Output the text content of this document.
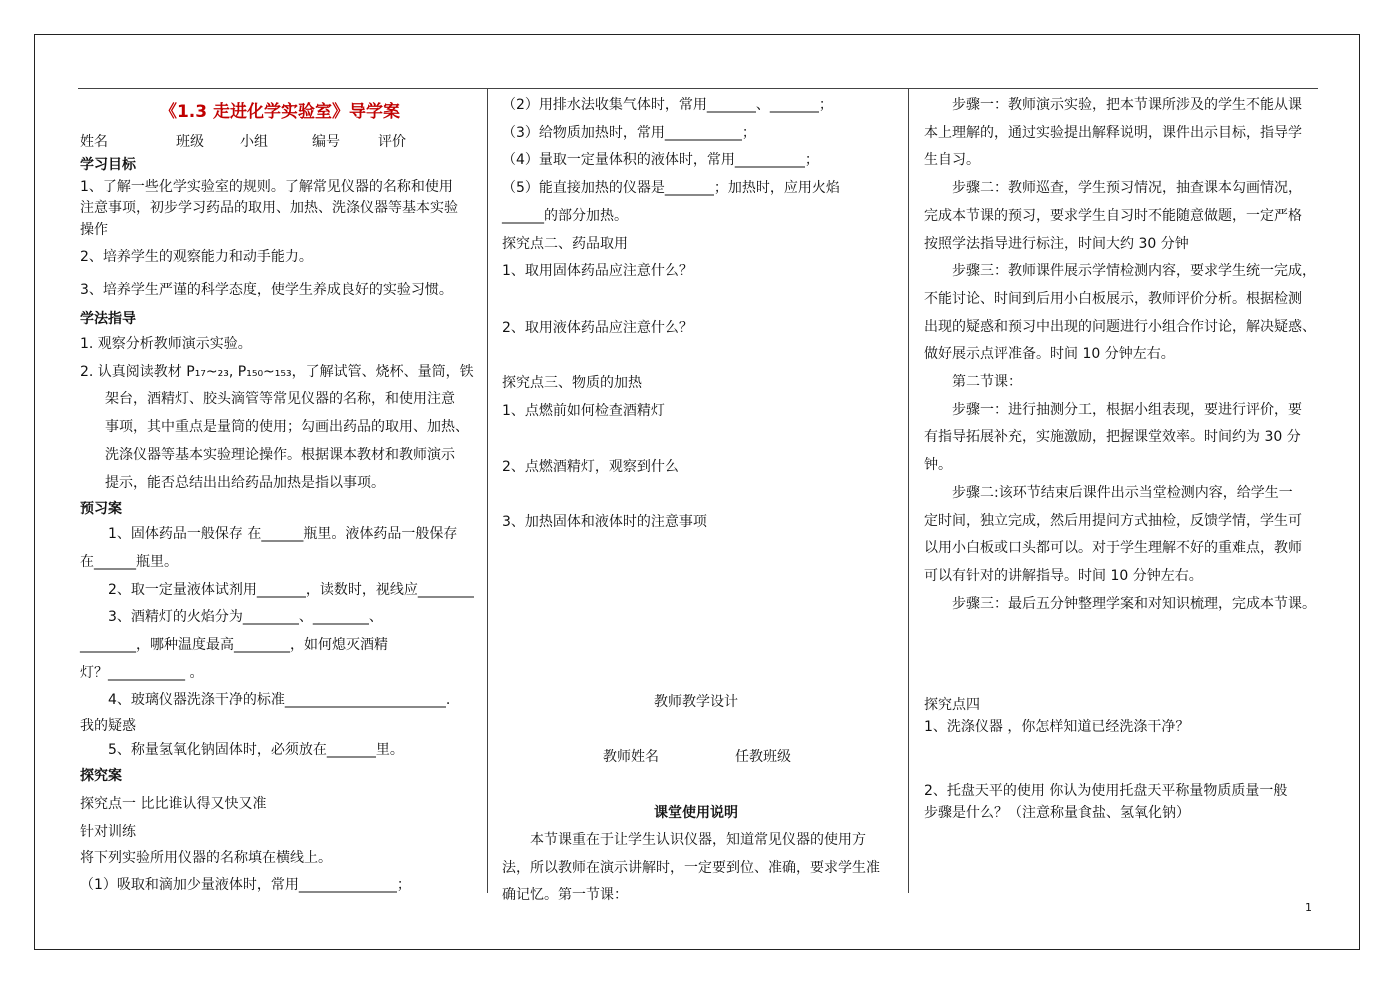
《1.3 走进化学实验室》导学案

姓名	班级	小组	编号	评价

学习目标

1、了解一些化学实验室的规则。了解常见仪器的名称和使用

注意事项，初步学习药品的取用、加热、洗涤仪器等基本实验

操作

2、培养学生的观察能力和动手能力。

3、培养学生严谨的科学态度，使学生养成良好的实验习惯。

学法指导

1. 观察分析教师演示实验。

2. 认真阅读教材 P₁₇~₂₃, P₁₅₀~₁₅₃，了解试管、烧杯、量筒，铁

架台，酒精灯、胶头滴管等常见仪器的名称，和使用注意

事项，其中重点是量筒的使用；勾画出药品的取用、加热、

洗涤仪器等基本实验理论操作。根据课本教材和教师演示

提示，能否总结出出给药品加热是指以事项。

预习案

1、固体药品一般保存 在______瓶里。液体药品一般保存

在______瓶里。

2、取一定量液体试剂用_______，读数时，视线应________

3、酒精灯的火焰分为________、________、

________，哪种温度最高________，如何熄灭酒精

灯？___________ 。

4、玻璃仪器洗涤干净的标准_______________________.

我的疑惑

5、称量氢氧化钠固体时，必须放在_______里。

探究案

探究点一 比比谁认得又快又准

针对训练

将下列实验所用仪器的名称填在横线上。

（1）吸取和滴加少量液体时，常用______________；

（2）用排水法收集气体时，常用_______、_______；

（3）给物质加热时，常用___________；

（4）量取一定量体积的液体时，常用__________；

（5）能直接加热的仪器是_______；加热时，应用火焰

______的部分加热。

探究点二、药品取用

1、取用固体药品应注意什么？

2、取用液体药品应注意什么？

探究点三、物质的加热

1、点燃前如何检查酒精灯

2、点燃酒精灯，观察到什么

3、加热固体和液体时的注意事项

教师教学设计

教师姓名	任教班级

课堂使用说明

本节课重在于让学生认识仪器，知道常见仪器的使用方

法，所以教师在演示讲解时，一定要到位、准确，要求学生准

确记忆。第一节课：

步骤一：教师演示实验，把本节课所涉及的学生不能从课

本上理解的，通过实验提出解释说明，课件出示目标，指导学

生自习。

步骤二：教师巡查，学生预习情况，抽查课本勾画情况，

完成本节课的预习，要求学生自习时不能随意做题，一定严格

按照学法指导进行标注，时间大约 30 分钟

步骤三：教师课件展示学情检测内容，要求学生统一完成，

不能讨论、时间到后用小白板展示，教师评价分析。根据检测

出现的疑惑和预习中出现的问题进行小组合作讨论，解决疑惑、

做好展示点评准备。时间 10 分钟左右。

第二节课：

步骤一：进行抽测分工，根据小组表现，要进行评价，要

有指导拓展补充，实施激励，把握课堂效率。时间约为 30 分

钟。

步骤二:该环节结束后课件出示当堂检测内容，给学生一

定时间，独立完成，然后用提问方式抽检，反馈学情，学生可

以用小白板或口头都可以。对于学生理解不好的重难点，教师

可以有针对的讲解指导。时间 10 分钟左右。

步骤三：最后五分钟整理学案和对知识梳理，完成本节课。

探究点四

1、洗涤仪器 ，你怎样知道已经洗涤干净？

2、托盘天平的使用 你认为使用托盘天平称量物质质量一般

步骤是什么？（注意称量食盐、氢氧化钠）

1
